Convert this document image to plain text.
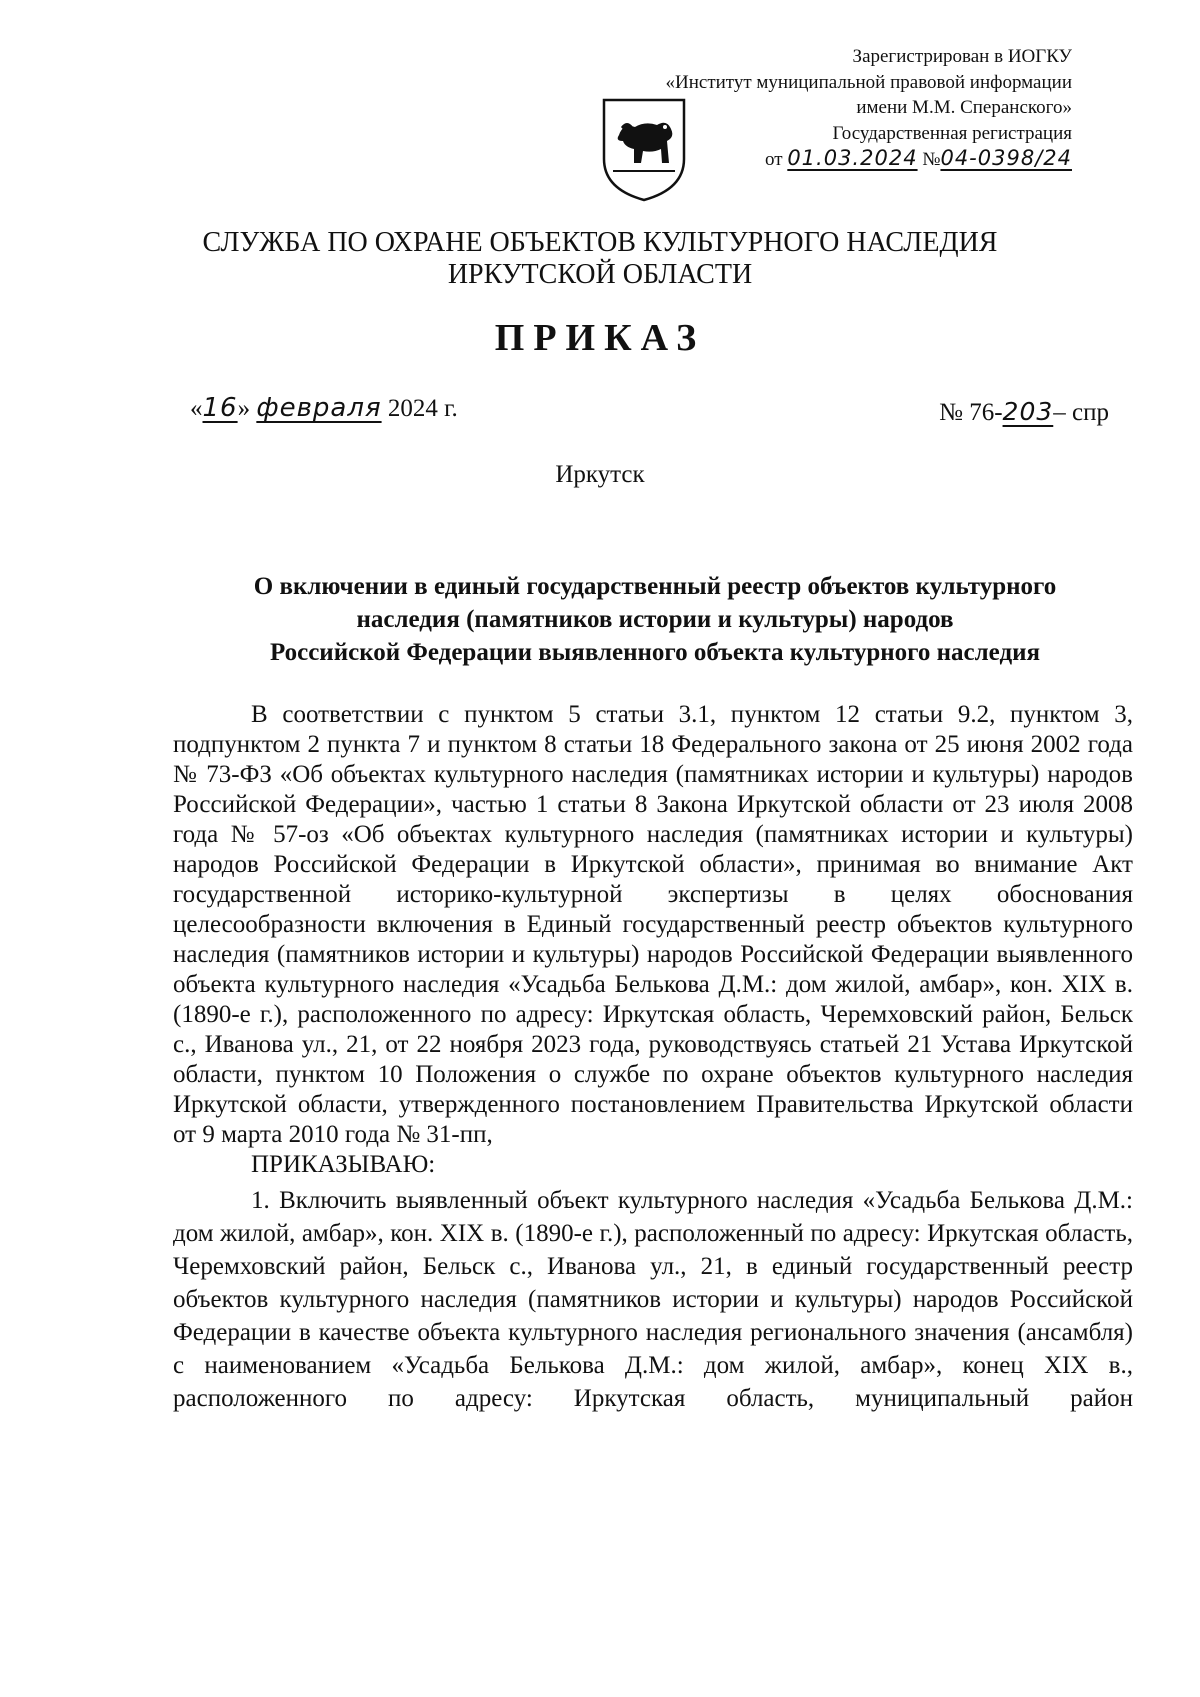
Зарегистрирован в ИОГКУ
«Институт муниципальной правовой информации
имени М.М. Сперанского»
Государственная регистрация
от 01.03.2024 №04-0398/24
СЛУЖБА ПО ОХРАНЕ ОБЪЕКТОВ КУЛЬТУРНОГО НАСЛЕДИЯ
ИРКУТСКОЙ ОБЛАСТИ
ПРИКАЗ
«16» февраля 2024 г.	№ 76-203– спр
Иркутск
О включении в единый государственный реестр объектов культурного
наследия (памятников истории и культуры) народов
Российской Федерации выявленного объекта культурного наследия

В соответствии с пунктом 5 статьи 3.1, пунктом 12 статьи 9.2, пунктом 3, подпунктом 2 пункта 7 и пунктом 8 статьи 18 Федерального закона от 25 июня 2002 года № 73-ФЗ «Об объектах культурного наследия (памятниках истории и культуры) народов Российской Федерации», частью 1 статьи 8 Закона Иркутской области от 23 июля 2008 года № 57-оз «Об объектах культурного наследия (памятниках истории и культуры) народов Российской Федерации в Иркутской области», принимая во внимание Акт государственной историко-культурной экспертизы в целях обоснования целесообразности включения в Единый государственный реестр объектов культурного наследия (памятников истории и культуры) народов Российской Федерации выявленного объекта культурного наследия «Усадьба Белькова Д.М.: дом жилой, амбар», кон. XIX в. (1890-е г.), расположенного по адресу: Иркутская область, Черемховский район, Бельск с., Иванова ул., 21, от 22 ноября 2023 года, руководствуясь статьей 21 Устава Иркутской области, пунктом 10 Положения о службе по охране объектов культурного наследия Иркутской области, утвержденного постановлением Правительства Иркутской области от 9 марта 2010 года № 31-пп,

ПРИКАЗЫВАЮ:

1. Включить выявленный объект культурного наследия «Усадьба Белькова Д.М.: дом жилой, амбар», кон. XIX в. (1890-е г.), расположенный по адресу: Иркутская область, Черемховский район, Бельск с., Иванова ул., 21, в единый государственный реестр объектов культурного наследия (памятников истории и культуры) народов Российской Федерации в качестве объекта культурного наследия регионального значения (ансамбля) с наименованием «Усадьба Белькова Д.М.: дом жилой, амбар», конец XIX в., расположенного по адресу: Иркутская область, муниципальный район
